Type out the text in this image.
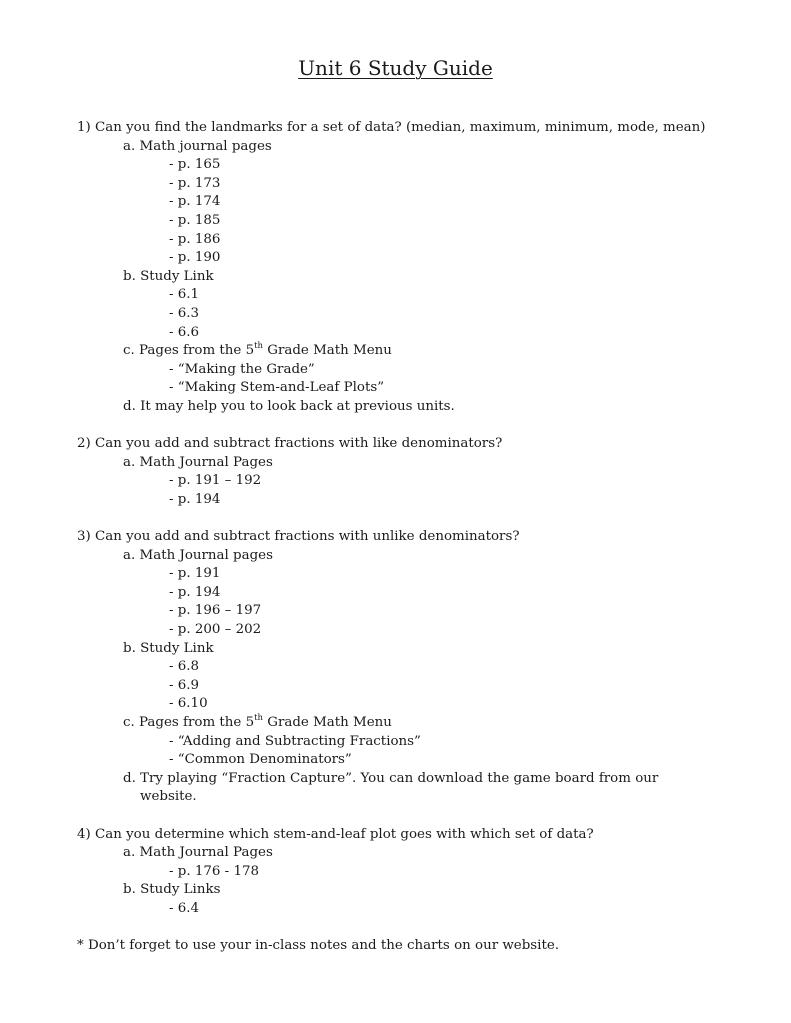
Unit 6 Study Guide
1) Can you find the landmarks for a set of data? (median, maximum, minimum, mode, mean)
a. Math journal pages
- p. 165
- p. 173
- p. 174
- p. 185
- p. 186
- p. 190
b. Study Link
- 6.1
- 6.3
- 6.6
c. Pages from the 5th Grade Math Menu
- “Making the Grade”
- “Making Stem-and-Leaf Plots”
d. It may help you to look back at previous units.
2) Can you add and subtract fractions with like denominators?
a. Math Journal Pages
- p. 191 – 192
- p. 194
3) Can you add and subtract fractions with unlike denominators?
a. Math Journal pages
- p. 191
- p. 194
- p. 196 – 197
- p. 200 – 202
b. Study Link
- 6.8
- 6.9
- 6.10
c. Pages from the 5th Grade Math Menu
- “Adding and Subtracting Fractions”
- “Common Denominators”
d. Try playing “Fraction Capture”. You can download the game board from our
website.
4) Can you determine which stem-and-leaf plot goes with which set of data?
a. Math Journal Pages
- p. 176 - 178
b. Study Links
- 6.4
* Don’t forget to use your in-class notes and the charts on our website.
